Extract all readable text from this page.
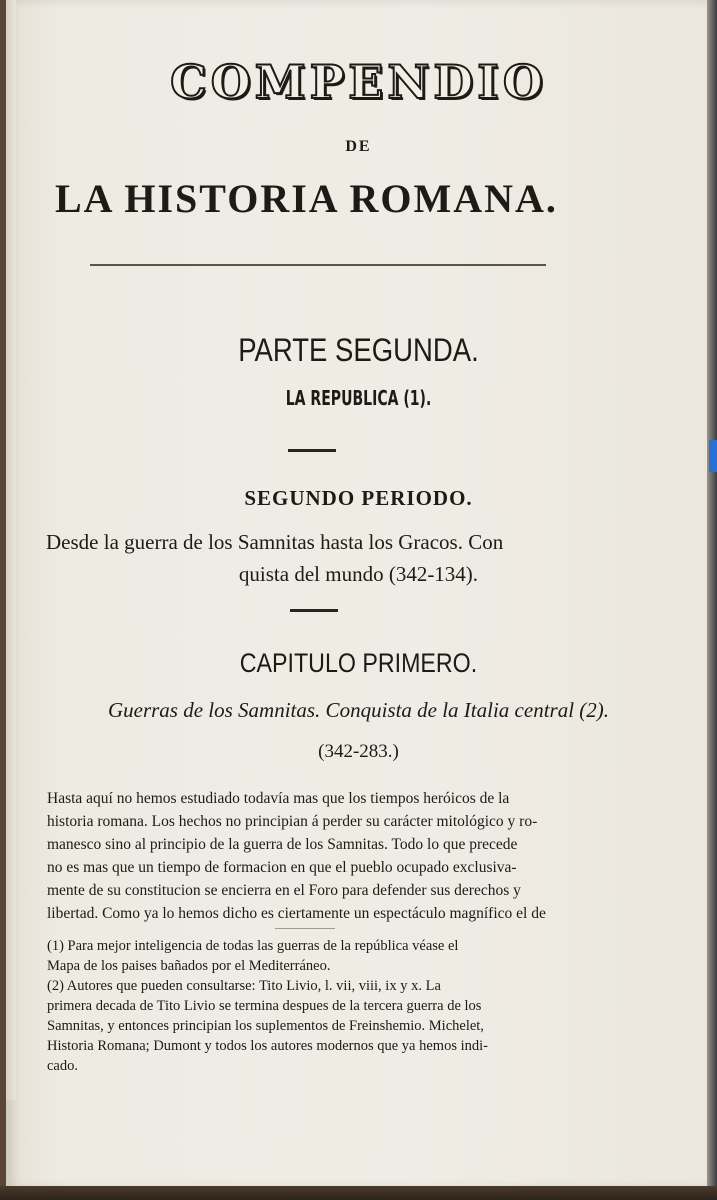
COMPENDIO
DE
LA HISTORIA ROMANA.
PARTE SEGUNDA.
LA REPUBLICA (1).
SEGUNDO PERIODO.
Desde la guerra de los Samnitas hasta los Gracos. Con
quista del mundo (342-134).
CAPITULO PRIMERO.
Guerras de los Samnitas. Conquista de la Italia central (2).
(342-283.)
Hasta aquí no hemos estudiado todavía mas que los tiempos heróicos de la
historia romana. Los hechos no principian á perder su carácter mitológico y ro-
manesco sino al principio de la guerra de los Samnitas. Todo lo que precede
no es mas que un tiempo de formacion en que el pueblo ocupado exclusiva-
mente de su constitucion se encierra en el Foro para defender sus derechos y
libertad. Como ya lo hemos dicho es ciertamente un espectáculo magnífico el de
(1) Para mejor inteligencia de todas las guerras de la república véase el
Mapa de los paises bañados por el Mediterráneo.
(2) Autores que pueden consultarse: Tito Livio, l. vii, viii, ix y x. La
primera decada de Tito Livio se termina despues de la tercera guerra de los
Samnitas, y entonces principian los suplementos de Freinshemio. Michelet,
Historia Romana; Dumont y todos los autores modernos que ya hemos indi-
cado.
